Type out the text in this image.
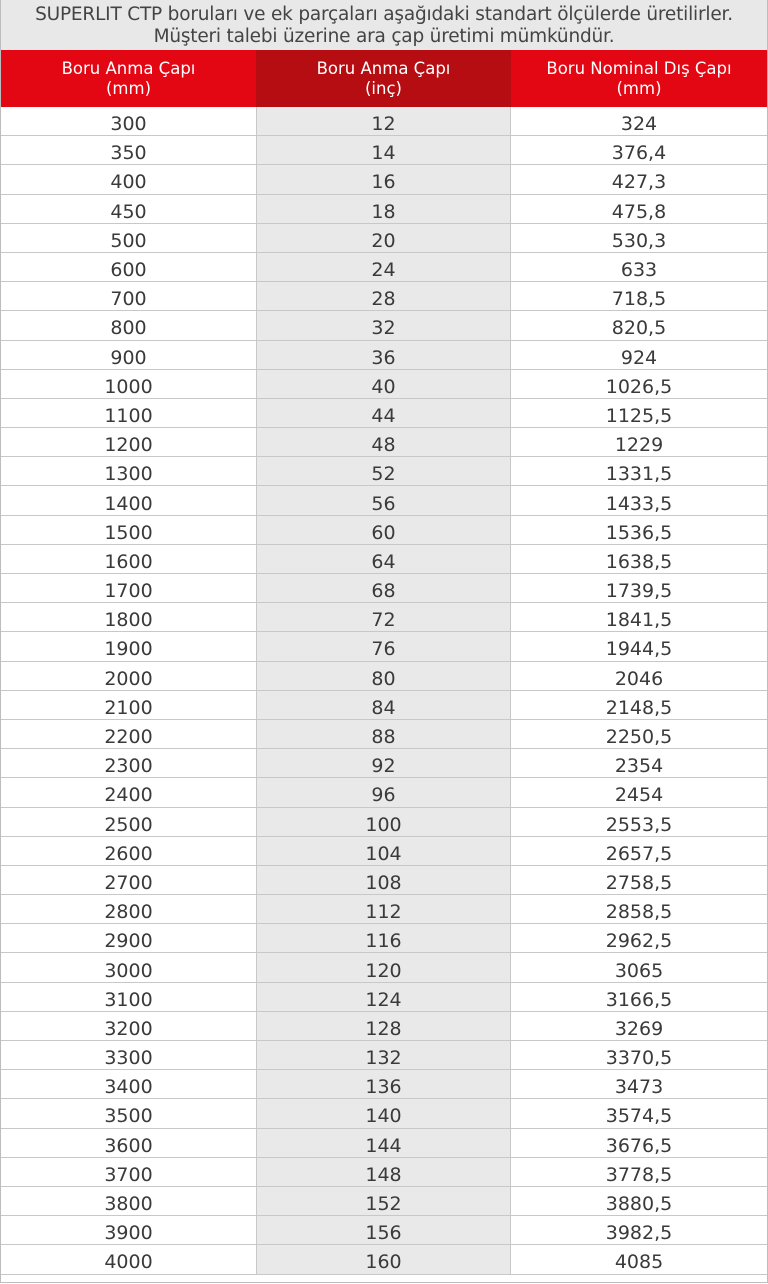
SUPERLIT CTP boruları ve ek parçaları aşağıdaki standart ölçülerde üretilirler.
Müşteri talebi üzerine ara çap üretimi mümkündür.
Boru Anma Çapı
(mm)
Boru Anma Çapı
(inç)
Boru Nominal Dış Çapı
(mm)
300	12	324
350	14	376,4
400	16	427,3
450	18	475,8
500	20	530,3
600	24	633
700	28	718,5
800	32	820,5
900	36	924
1000	40	1026,5
1100	44	1125,5
1200	48	1229
1300	52	1331,5
1400	56	1433,5
1500	60	1536,5
1600	64	1638,5
1700	68	1739,5
1800	72	1841,5
1900	76	1944,5
2000	80	2046
2100	84	2148,5
2200	88	2250,5
2300	92	2354
2400	96	2454
2500	100	2553,5
2600	104	2657,5
2700	108	2758,5
2800	112	2858,5
2900	116	2962,5
3000	120	3065
3100	124	3166,5
3200	128	3269
3300	132	3370,5
3400	136	3473
3500	140	3574,5
3600	144	3676,5
3700	148	3778,5
3800	152	3880,5
3900	156	3982,5
4000	160	4085
